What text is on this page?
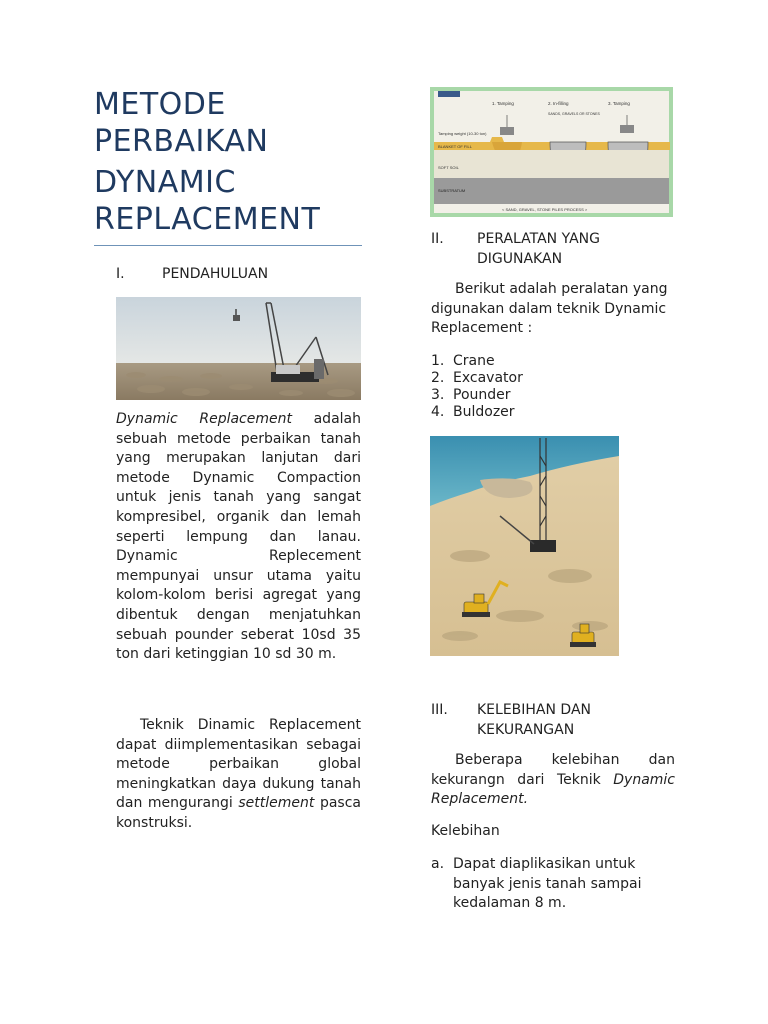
METODE
PERBAIKAN
DYNAMIC
REPLACEMENT
I.	PENDAHULUAN
Dynamic Replacement adalah sebuah metode perbaikan tanah yang merupakan lanjutan dari metode Dynamic Compaction untuk jenis tanah yang sangat kompresibel, organik dan lemah seperti lempung dan lanau. Dynamic Replecement mempunyai unsur utama yaitu kolom-kolom berisi agregat yang dibentuk dengan menjatuhkan sebuah pounder seberat 10sd 35 ton dari ketinggian 10 sd 30 m.
Teknik Dinamic Replacement dapat diimplementasikan sebagai metode perbaikan global meningkatkan daya dukung tanah dan mengurangi settlement pasca konstruksi.
Tamping weight (10-30 ton)
1. Tamping	2. In-filling	3. Tamping
SANDS, GRAVELS OR STONES
BLANKET OF FILL
SOFT SOIL
SUBSTRATUM
< SAND, GRAVEL, STONE PILES PROCESS >
II. PERALATAN YANG
DIGUNAKAN
Berikut adalah peralatan yang digunakan dalam teknik Dynamic Replacement :
1. Crane
2. Excavator
3. Pounder
4. Buldozer
III. KELEBIHAN DAN
KEKURANGAN
Beberapa kelebihan dan kekurangn dari Teknik Dynamic Replacement.
Kelebihan
a. Dapat diaplikasikan untuk banyak jenis tanah sampai kedalaman 8 m.
